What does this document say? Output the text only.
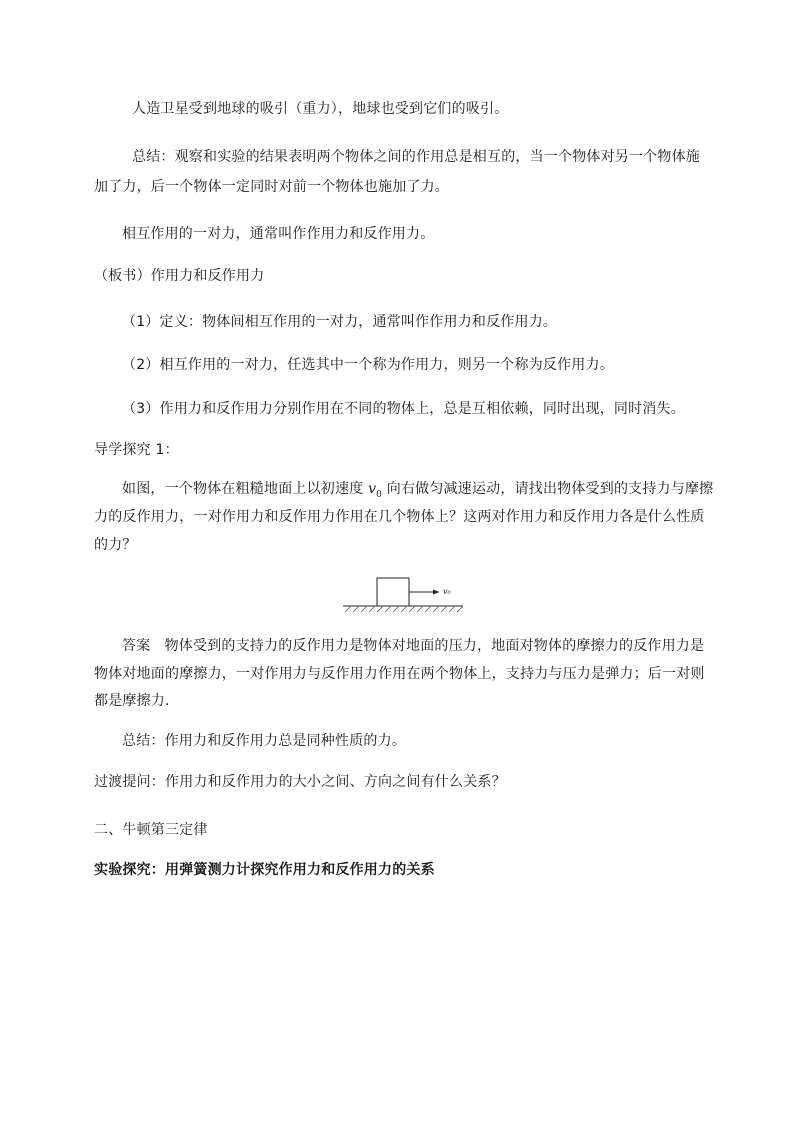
人造卫星受到地球的吸引（重力），地球也受到它们的吸引。
总结：观察和实验的结果表明两个物体之间的作用总是相互的，当一个物体对另一个物体施
加了力，后一个物体一定同时对前一个物体也施加了力。
相互作用的一对力，通常叫作作用力和反作用力。
（板书）作用力和反作用力
（1）定义：物体间相互作用的一对力，通常叫作作用力和反作用力。
（2）相互作用的一对力，任选其中一个称为作用力，则另一个称为反作用力。
（3）作用力和反作用力分别作用在不同的物体上，总是互相依赖，同时出现，同时消失。
导学探究 1：
如图，一个物体在粗糙地面上以初速度 $v_0$ 向右做匀减速运动，请找出物体受到的支持力与摩擦
力的反作用力，一对作用力和反作用力作用在几个物体上？这两对作用力和反作用力各是什么性质
的力？
v₀
答案　物体受到的支持力的反作用力是物体对地面的压力，地面对物体的摩擦力的反作用力是
物体对地面的摩擦力，一对作用力与反作用力作用在两个物体上，支持力与压力是弹力；后一对则
都是摩擦力.
总结：作用力和反作用力总是同种性质的力。
过渡提问：作用力和反作用力的大小之间、方向之间有什么关系？
二、牛顿第三定律
实验探究：用弹簧测力计探究作用力和反作用力的关系
